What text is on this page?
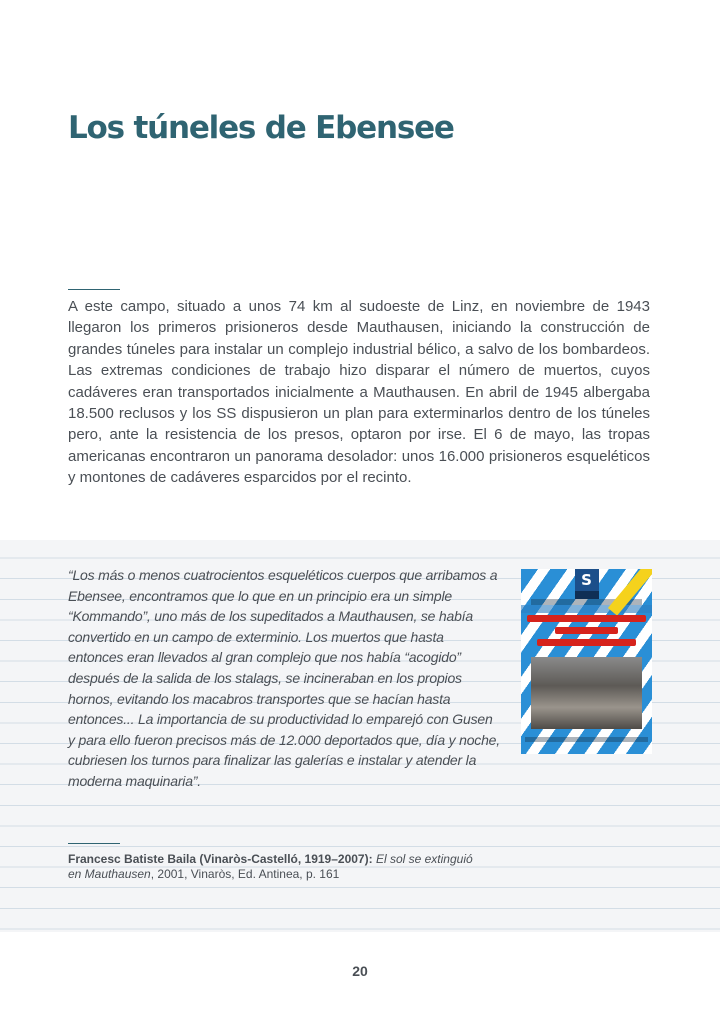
Los túneles de Ebensee

A este campo, situado a unos 74 km al sudoeste de Linz, en noviembre de 1943 llegaron los primeros prisioneros desde Mauthausen, iniciando la construcción de grandes túneles para instalar un complejo industrial bélico, a salvo de los bombardeos. Las extremas condiciones de trabajo hizo disparar el número de muertos, cuyos cadáveres eran transportados inicialmente a Mauthausen. En abril de 1945 albergaba 18.500 reclusos y los SS dispusieron un plan para exterminarlos dentro de los túneles pero, ante la resistencia de los presos, optaron por irse. El 6 de mayo, las tropas americanas encontraron un panorama desolador: unos 16.000 prisioneros esqueléticos y montones de cadáveres esparcidos por el recinto.

“Los más o menos cuatrocientos esqueléticos cuerpos que arribamos a Ebensee, encontramos que lo que en un principio era un simple “Kommando”, uno más de los supeditados a Mauthausen, se había convertido en un campo de exterminio. Los muertos que hasta entonces eran llevados al gran complejo que nos había “acogido” después de la salida de los stalags, se incineraban en los propios hornos, evitando los macabros transportes que se hacían hasta entonces... La importancia de su productividad lo emparejó con Gusen y para ello fueron precisos más de 12.000 deportados que, día y noche, cubriesen los turnos para finalizar las galerías e instalar y atender la moderna maquinaria”.

S

Francesc Batiste Baila (Vinaròs-Castelló, 1919–2007): El sol se extinguió en Mauthausen, 2001, Vinaròs, Ed. Antinea, p. 161

20
